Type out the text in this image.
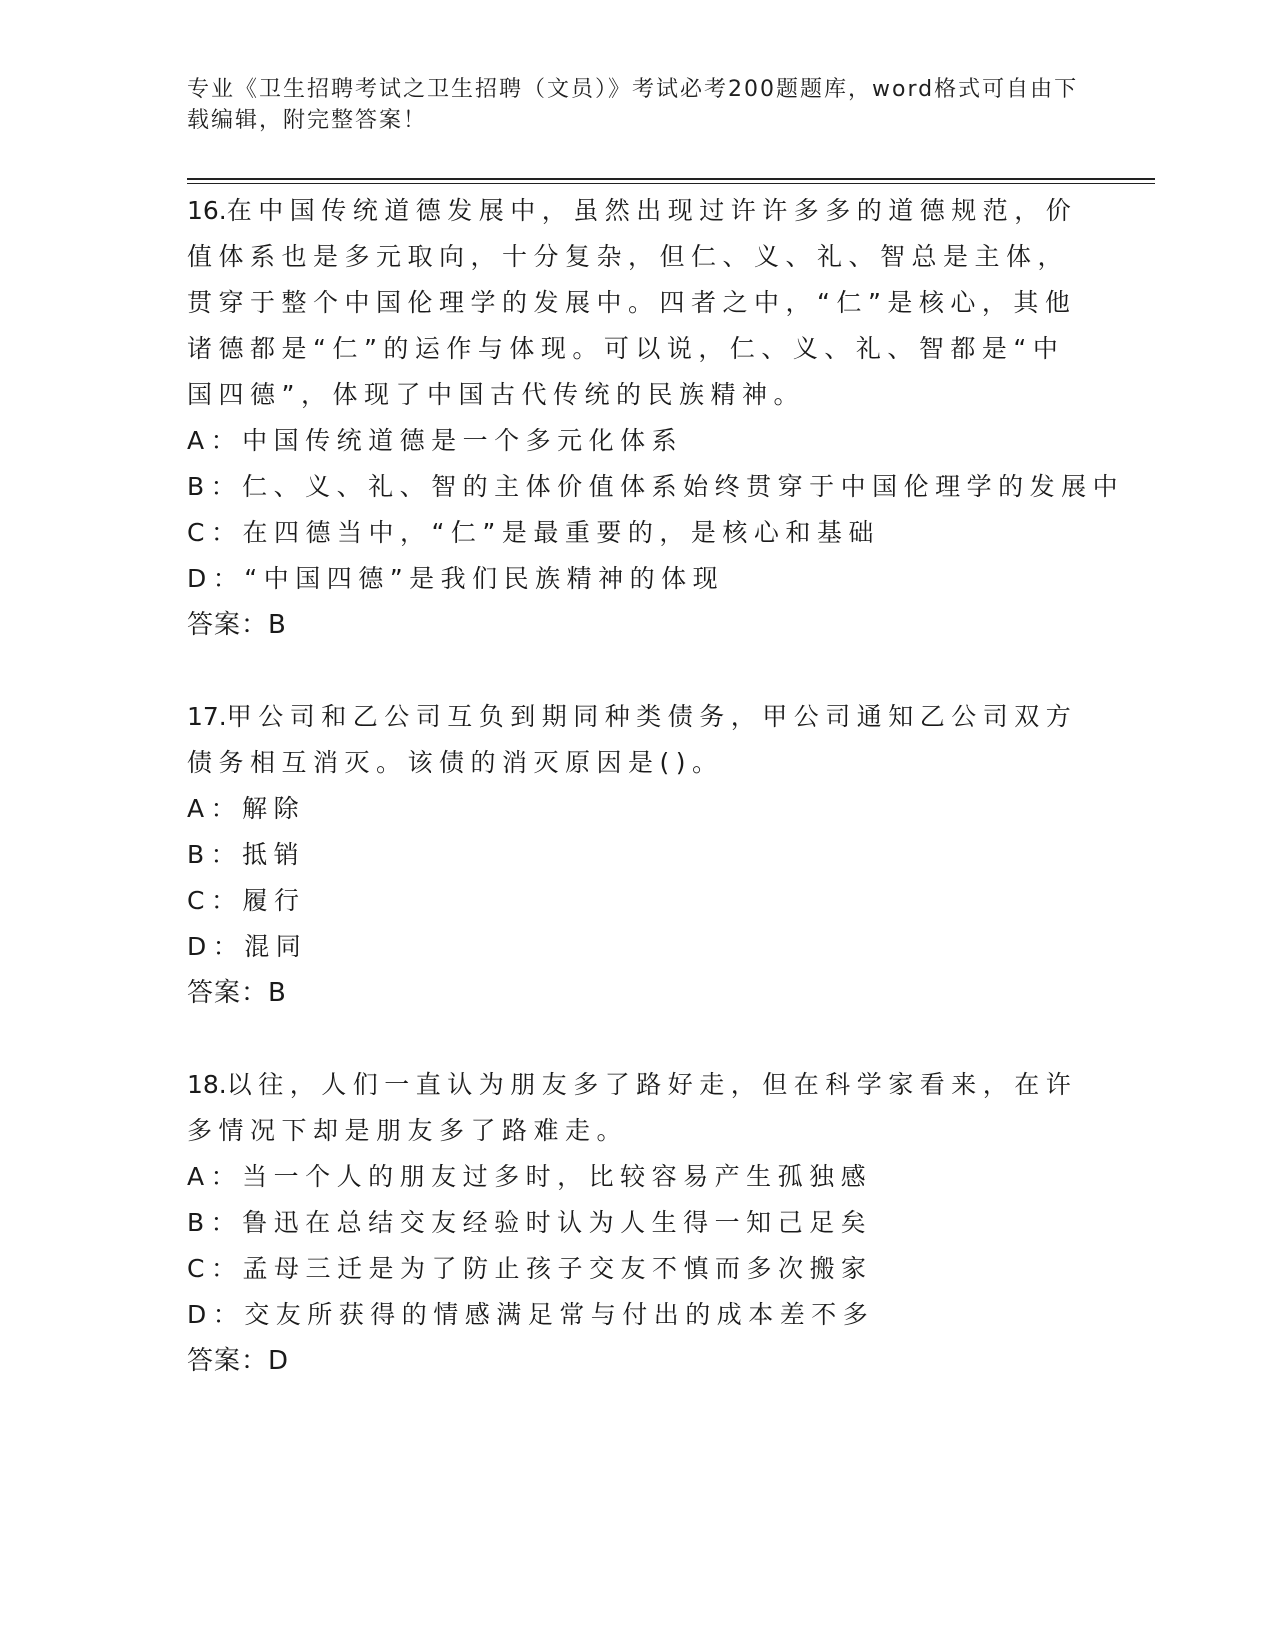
专业《卫生招聘考试之卫生招聘（文员）》考试必考200题题库，word格式可自由下载编辑，附完整答案！

16.在中国传统道德发展中，虽然出现过许许多多的道德规范，价值体系也是多元取向，十分复杂，但仁、义、礼、智总是主体，贯穿于整个中国伦理学的发展中。四者之中，“仁”是核心，其他诸德都是“仁”的运作与体现。可以说，仁、义、礼、智都是“中国四德”，体现了中国古代传统的民族精神。

A：中国传统道德是一个多元化体系

B：仁、义、礼、智的主体价值体系始终贯穿于中国伦理学的发展中

C：在四德当中，“仁”是最重要的，是核心和基础

D：“中国四德”是我们民族精神的体现

答案：B

17.甲公司和乙公司互负到期同种类债务，甲公司通知乙公司双方债务相互消灭。该债的消灭原因是()。

A：解除

B：抵销

C：履行

D：混同

答案：B

18.以往，人们一直认为朋友多了路好走，但在科学家看来，在许多情况下却是朋友多了路难走。

A：当一个人的朋友过多时，比较容易产生孤独感

B：鲁迅在总结交友经验时认为人生得一知己足矣

C：孟母三迁是为了防止孩子交友不慎而多次搬家

D：交友所获得的情感满足常与付出的成本差不多

答案：D
